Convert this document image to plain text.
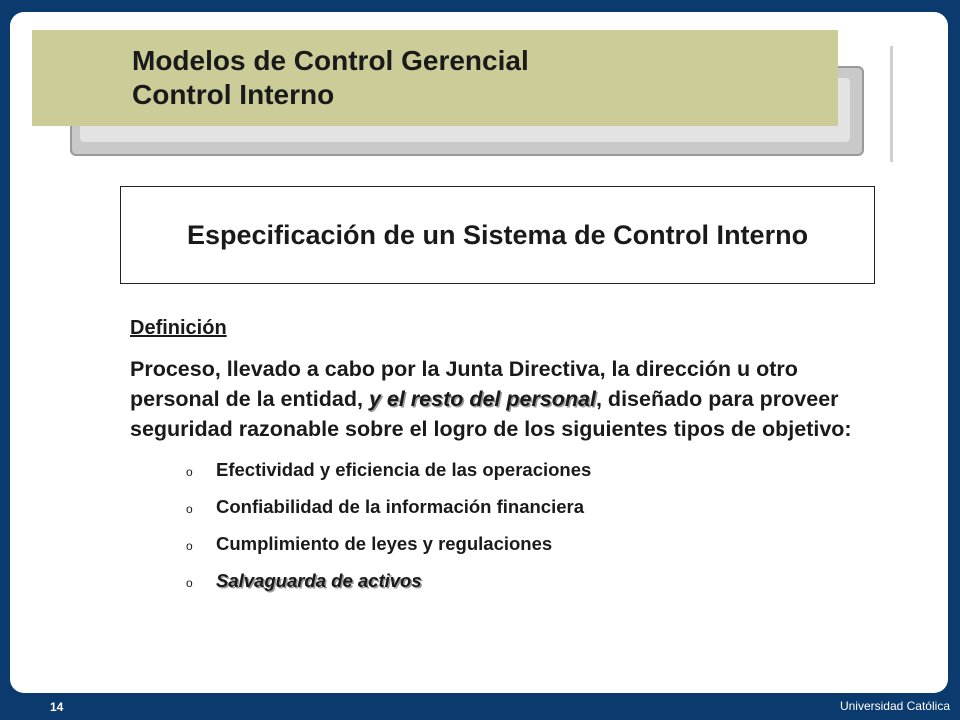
Modelos de Control Gerencial
Control Interno
Especificación de un Sistema de Control Interno

Definición

Proceso, llevado a cabo por la Junta Directiva, la dirección u otro personal de la entidad, y el resto del personal, diseñado para proveer seguridad razonable sobre el logro de los siguientes tipos de objetivo:

o Efectividad y eficiencia de las operaciones
o Confiabilidad de la información financiera
o Cumplimiento de leyes y regulaciones
o Salvaguarda de activos
14	Universidad Católica
